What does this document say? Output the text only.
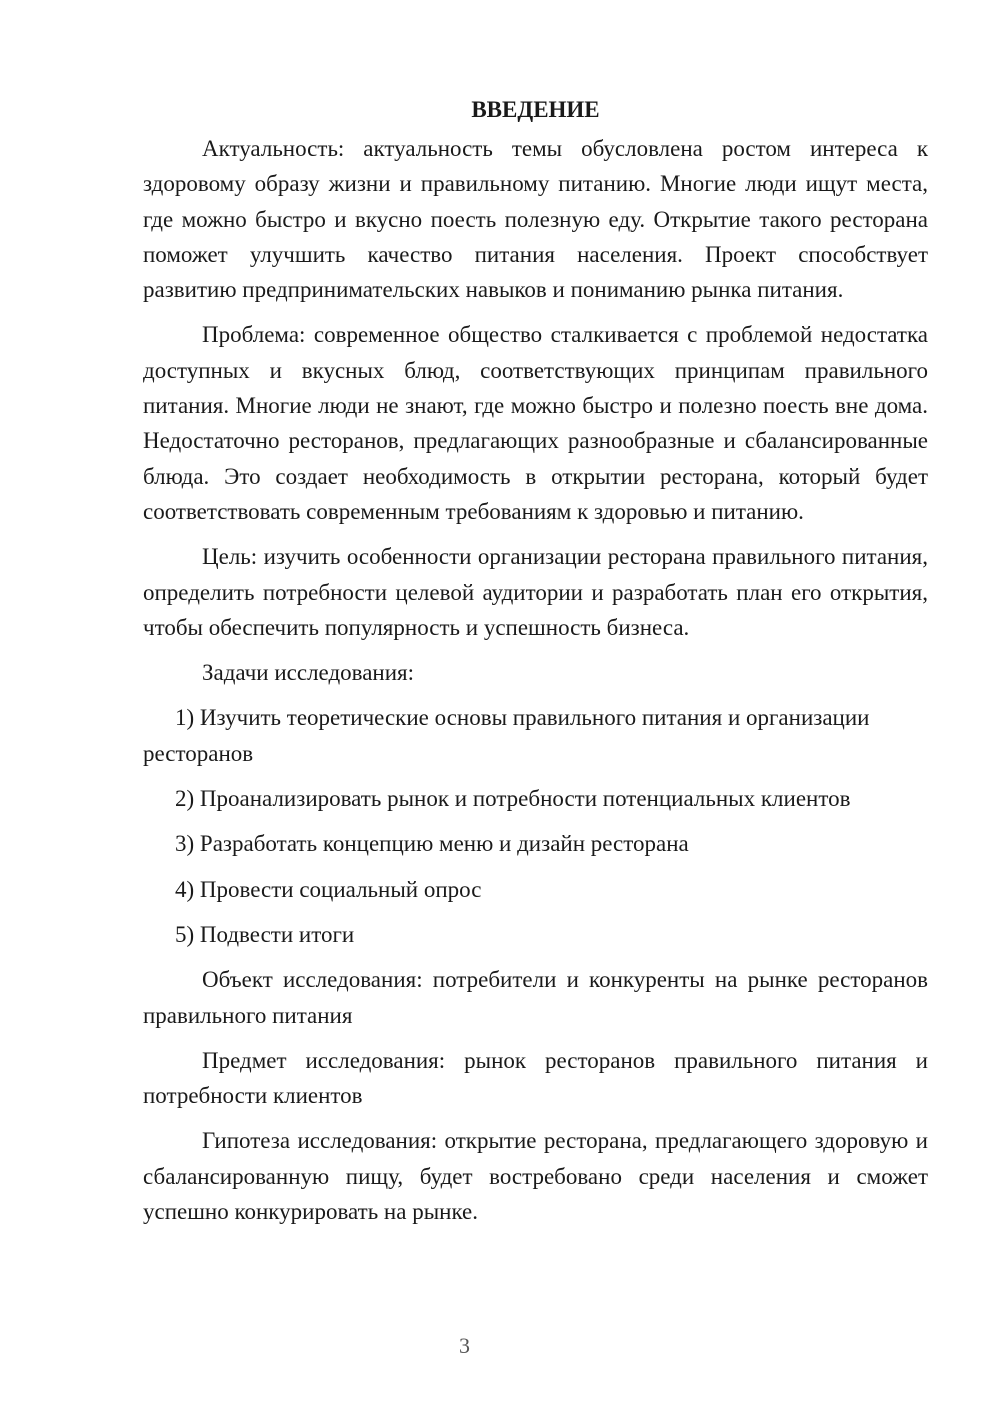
ВВЕДЕНИЕ

Актуальность: актуальность темы обусловлена ростом интереса к здоровому образу жизни и правильному питанию. Многие люди ищут места, где можно быстро и вкусно поесть полезную еду. Открытие такого ресторана поможет улучшить качество питания населения. Проект способствует развитию предпринимательских навыков и пониманию рынка питания.

Проблема: современное общество сталкивается с проблемой недостатка доступных и вкусных блюд, соответствующих принципам правильного питания. Многие люди не знают, где можно быстро и полезно поесть вне дома. Недостаточно ресторанов, предлагающих разнообразные и сбалансированные блюда. Это создает необходимость в открытии ресторана, который будет соответствовать современным требованиям к здоровью и питанию.

Цель: изучить особенности организации ресторана правильного питания, определить потребности целевой аудитории и разработать план его открытия, чтобы обеспечить популярность и успешность бизнеса.

Задачи исследования:

1) Изучить теоретические основы правильного питания и организации ресторанов

2) Проанализировать рынок и потребности потенциальных клиентов

3) Разработать концепцию меню и дизайн ресторана

4) Провести социальный опрос

5) Подвести итоги

Объект исследования: потребители и конкуренты на рынке ресторанов правильного питания

Предмет исследования: рынок ресторанов правильного питания и потребности клиентов

Гипотеза исследования: открытие ресторана, предлагающего здоровую и сбалансированную пищу, будет востребовано среди населения и сможет успешно конкурировать на рынке.

3
